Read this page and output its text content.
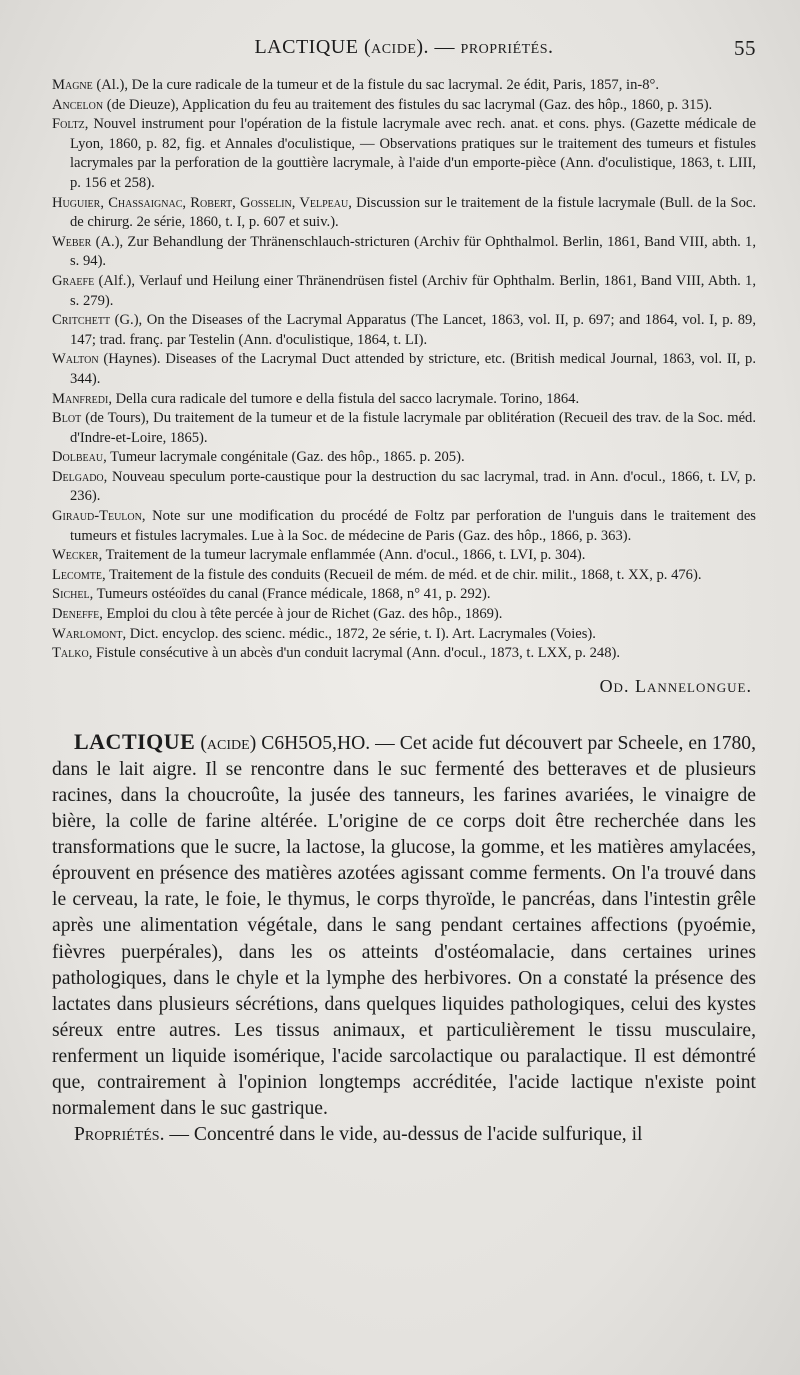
LACTIQUE (acide). — propriétés.	55

Magne (Al.), De la cure radicale de la tumeur et de la fistule du sac lacrymal. 2e édit, Paris, 1857, in-8°.

Ancelon (de Dieuze), Application du feu au traitement des fistules du sac lacrymal (Gaz. des hôp., 1860, p. 315).

Foltz, Nouvel instrument pour l'opération de la fistule lacrymale avec rech. anat. et cons. phys. (Gazette médicale de Lyon, 1860, p. 82, fig. et Annales d'oculistique, — Observations pratiques sur le traitement des tumeurs et fistules lacrymales par la perforation de la gouttière lacrymale, à l'aide d'un emporte-pièce (Ann. d'oculistique, 1863, t. LIII, p. 156 et 258).

Huguier, Chassaignac, Robert, Gosselin, Velpeau, Discussion sur le traitement de la fistule lacrymale (Bull. de la Soc. de chirurg. 2e série, 1860, t. I, p. 607 et suiv.).

Weber (A.), Zur Behandlung der Thränenschlauch-stricturen (Archiv für Ophthalmol. Berlin, 1861, Band VIII, abth. 1, s. 94).

Graefe (Alf.), Verlauf und Heilung einer Thränendrüsen fistel (Archiv für Ophthalm. Berlin, 1861, Band VIII, Abth. 1, s. 279).

Critchett (G.), On the Diseases of the Lacrymal Apparatus (The Lancet, 1863, vol. II, p. 697; and 1864, vol. I, p. 89, 147; trad. franç. par Testelin (Ann. d'oculistique, 1864, t. LI).

Walton (Haynes). Diseases of the Lacrymal Duct attended by stricture, etc. (British medical Journal, 1863, vol. II, p. 344).

Manfredi, Della cura radicale del tumore e della fistula del sacco lacrymale. Torino, 1864.

Blot (de Tours), Du traitement de la tumeur et de la fistule lacrymale par oblitération (Recueil des trav. de la Soc. méd. d'Indre-et-Loire, 1865).

Dolbeau, Tumeur lacrymale congénitale (Gaz. des hôp., 1865. p. 205).

Delgado, Nouveau speculum porte-caustique pour la destruction du sac lacrymal, trad. in Ann. d'ocul., 1866, t. LV, p. 236).

Giraud-Teulon, Note sur une modification du procédé de Foltz par perforation de l'unguis dans le traitement des tumeurs et fistules lacrymales. Lue à la Soc. de médecine de Paris (Gaz. des hôp., 1866, p. 363).

Wecker, Traitement de la tumeur lacrymale enflammée (Ann. d'ocul., 1866, t. LVI, p. 304).

Lecomte, Traitement de la fistule des conduits (Recueil de mém. de méd. et de chir. milit., 1868, t. XX, p. 476).

Sichel, Tumeurs ostéoïdes du canal (France médicale, 1868, n° 41, p. 292).

Deneffe, Emploi du clou à tête percée à jour de Richet (Gaz. des hôp., 1869).

Warlomont, Dict. encyclop. des scienc. médic., 1872, 2e série, t. I). Art. Lacrymales (Voies).

Talko, Fistule consécutive à un abcès d'un conduit lacrymal (Ann. d'ocul., 1873, t. LXX, p. 248).

Od. Lannelongue.

LACTIQUE (acide) C6H5O5,HO. — Cet acide fut découvert par Scheele, en 1780, dans le lait aigre. Il se rencontre dans le suc fermenté des betteraves et de plusieurs racines, dans la choucroûte, la jusée des tanneurs, les farines avariées, le vinaigre de bière, la colle de farine altérée. L'origine de ce corps doit être recherchée dans les transformations que le sucre, la lactose, la glucose, la gomme, et les matières amylacées, éprouvent en présence des matières azotées agissant comme ferments. On l'a trouvé dans le cerveau, la rate, le foie, le thymus, le corps thyroïde, le pancréas, dans l'intestin grêle après une alimentation végétale, dans le sang pendant certaines affections (pyoémie, fièvres puerpérales), dans les os atteints d'ostéomalacie, dans certaines urines pathologiques, dans le chyle et la lymphe des herbivores. On a constaté la présence des lactates dans plusieurs sécrétions, dans quelques liquides pathologiques, celui des kystes séreux entre autres. Les tissus animaux, et particulièrement le tissu musculaire, renferment un liquide isomérique, l'acide sarcolactique ou paralactique. Il est démontré que, contrairement à l'opinion longtemps accréditée, l'acide lactique n'existe point normalement dans le suc gastrique.

Propriétés. — Concentré dans le vide, au-dessus de l'acide sulfurique, il
